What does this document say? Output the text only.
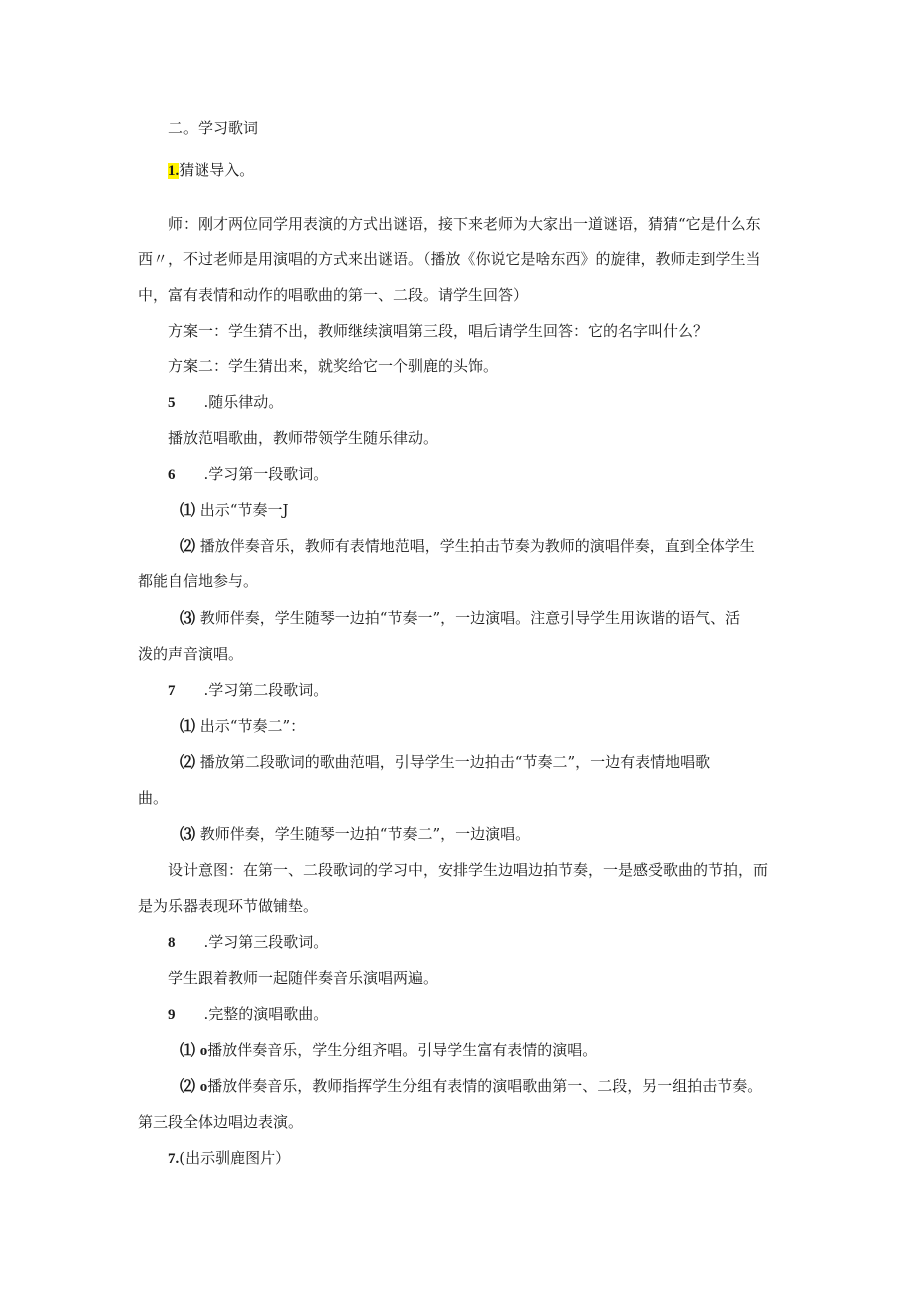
二。学习歌词
1.猜谜导入。
师：刚才两位同学用表演的方式出谜语，接下来老师为大家出一道谜语，猜猜“它是什么东
西〃，不过老师是用演唱的方式来出谜语。（播放《你说它是啥东西》的旋律，教师走到学生当
中，富有表情和动作的唱歌曲的第一、二段。请学生回答）
方案一：学生猜不出，教师继续演唱第三段，唱后请学生回答：它的名字叫什么？
方案二：学生猜出来，就奖给它一个驯鹿的头饰。
5 .随乐律动。
播放范唱歌曲，教师带领学生随乐律动。
6 .学习第一段歌词。
⑴ 出示“节奏一J
⑵ 播放伴奏音乐，教师有表情地范唱，学生拍击节奏为教师的演唱伴奏，直到全体学生
都能自信地参与。
⑶ 教师伴奏，学生随琴一边拍“节奏一”，一边演唱。注意引导学生用诙谐的语气、活
泼的声音演唱。
7 .学习第二段歌词。
⑴ 出示“节奏二”：
⑵ 播放第二段歌词的歌曲范唱，引导学生一边拍击“节奏二”，一边有表情地唱歌
曲。
⑶ 教师伴奏，学生随琴一边拍“节奏二”，一边演唱。
设计意图：在第一、二段歌词的学习中，安排学生边唱边拍节奏，一是感受歌曲的节拍，而
是为乐器表现环节做铺垫。
8 .学习第三段歌词。
学生跟着教师一起随伴奏音乐演唱两遍。
9 .完整的演唱歌曲。
⑴ o播放伴奏音乐，学生分组齐唱。引导学生富有表情的演唱。
⑵ o播放伴奏音乐，教师指挥学生分组有表情的演唱歌曲第一、二段，另一组拍击节奏。
第三段全体边唱边表演。
7.(出示驯鹿图片）
